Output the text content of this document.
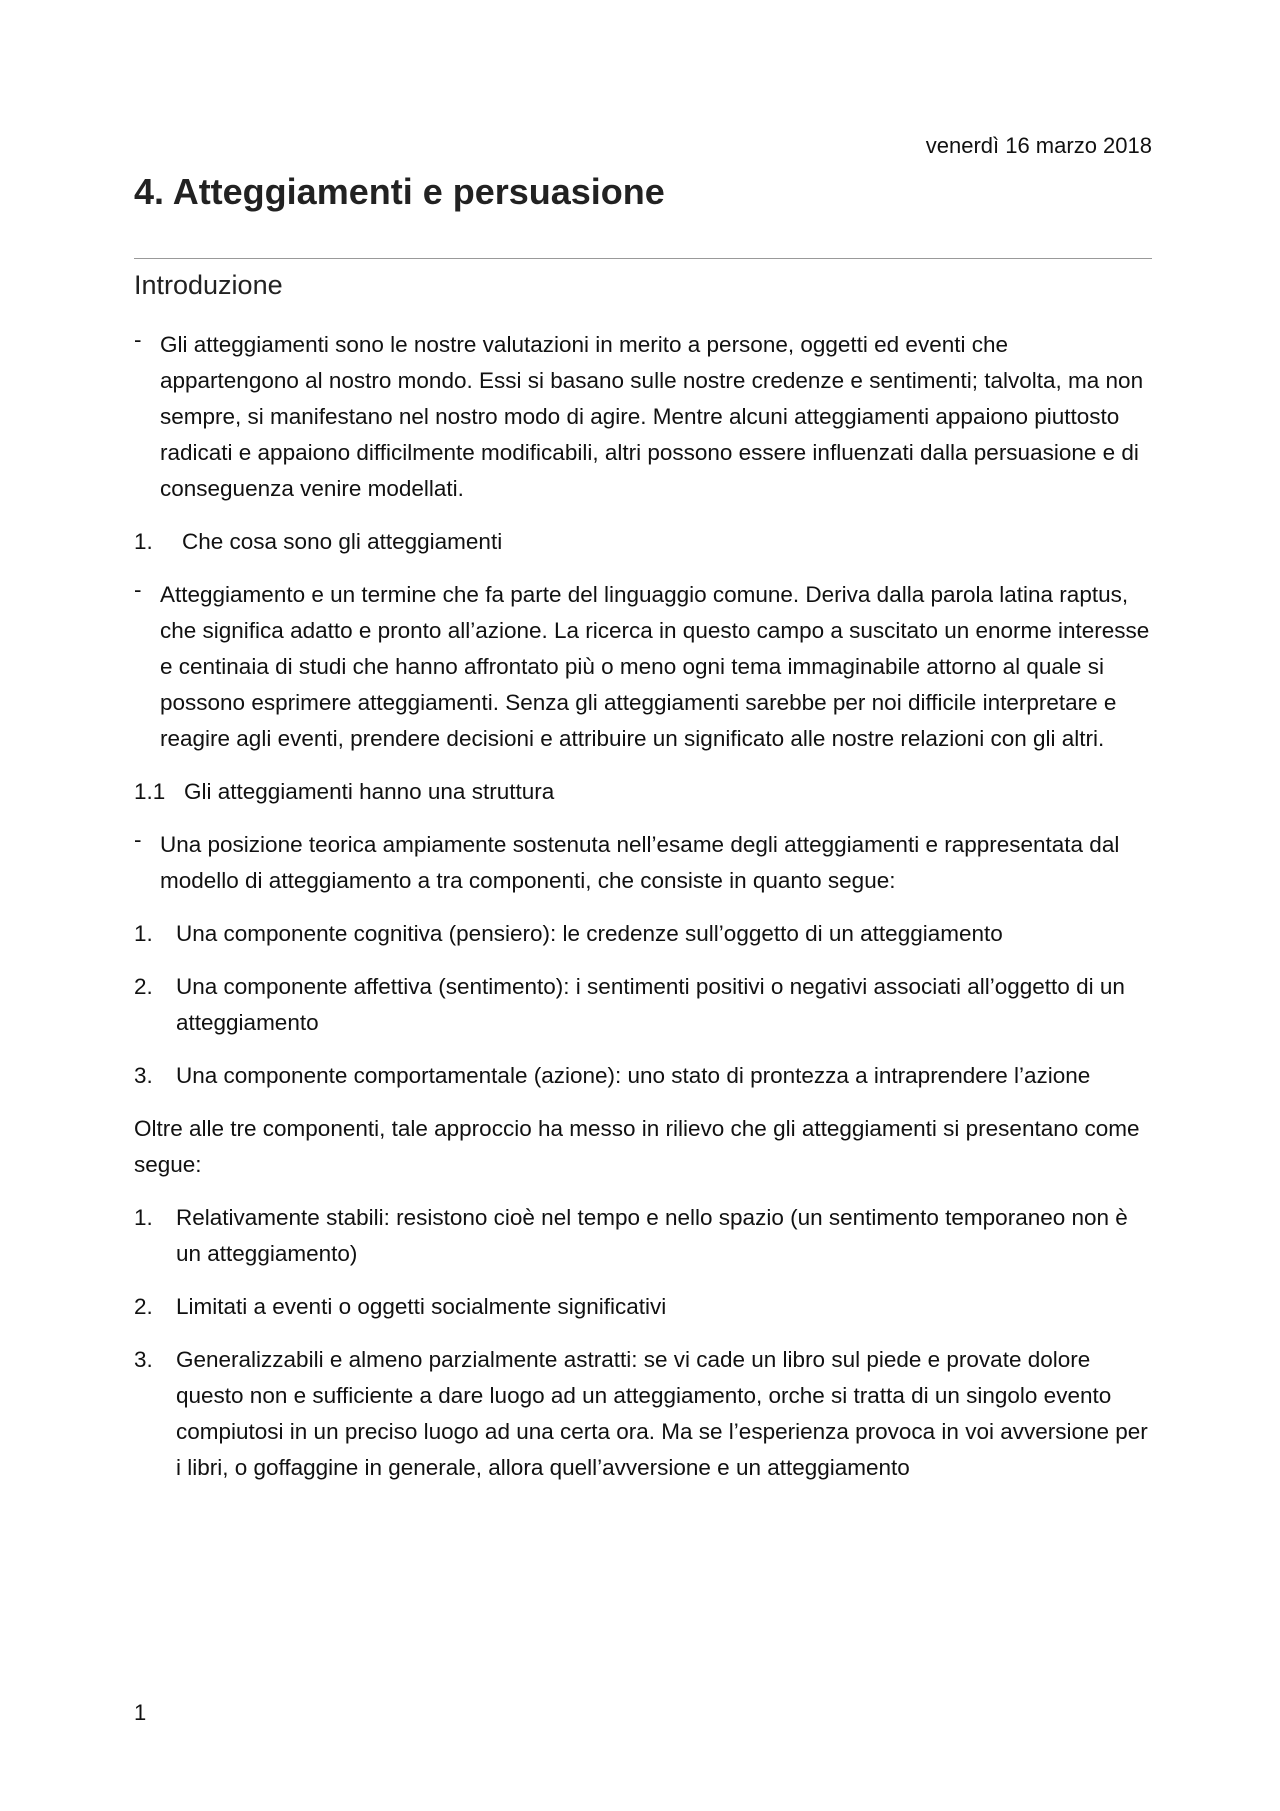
venerdì 16 marzo 2018
4. Atteggiamenti e persuasione
Introduzione
- Gli atteggiamenti sono le nostre valutazioni in merito a persone, oggetti ed eventi che appartengono al nostro mondo. Essi si basano sulle nostre credenze e sentimenti; talvolta, ma non sempre, si manifestano nel nostro modo di agire. Mentre alcuni atteggiamenti appaiono piuttosto radicati e appaiono difficilmente modificabili, altri possono essere influenzati dalla persuasione e di conseguenza venire modellati.
1. Che cosa sono gli atteggiamenti
- Atteggiamento e un termine che fa parte del linguaggio comune. Deriva dalla parola latina raptus, che significa adatto e pronto all’azione. La ricerca in questo campo a suscitato un enorme interesse e centinaia di studi che hanno affrontato più o meno ogni tema immaginabile attorno al quale si possono esprimere atteggiamenti. Senza gli atteggiamenti sarebbe per noi difficile interpretare e reagire agli eventi, prendere decisioni e attribuire un significato alle nostre relazioni con gli altri.
1.1 Gli atteggiamenti hanno una struttura
- Una posizione teorica ampiamente sostenuta nell’esame degli atteggiamenti e rappresentata dal modello di atteggiamento a tra componenti, che consiste in quanto segue:
1. Una componente cognitiva (pensiero): le credenze sull’oggetto di un atteggiamento
2. Una componente affettiva (sentimento): i sentimenti positivi o negativi associati all’oggetto di un atteggiamento
3. Una componente comportamentale (azione): uno stato di prontezza a intraprendere l’azione
Oltre alle tre componenti, tale approccio ha messo in rilievo che gli atteggiamenti si presentano come segue:
1. Relativamente stabili: resistono cioè nel tempo e nello spazio (un sentimento temporaneo non è un atteggiamento)
2. Limitati a eventi o oggetti socialmente significativi
3. Generalizzabili e almeno parzialmente astratti: se vi cade un libro sul piede e provate dolore questo non e sufficiente a dare luogo ad un atteggiamento, orche si tratta di un singolo evento compiutosi in un preciso luogo ad una certa ora. Ma se l’esperienza provoca in voi avversione per i libri, o goffaggine in generale, allora quell’avversione e un atteggiamento
1
